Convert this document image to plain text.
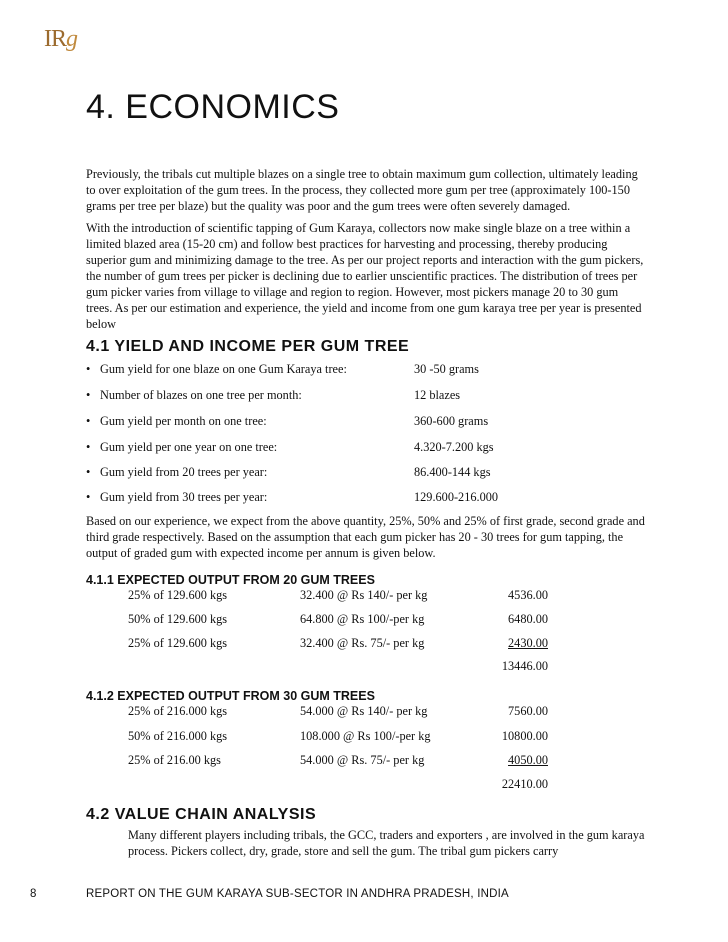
IRg
4. ECONOMICS

Previously, the tribals cut multiple blazes on a single tree to obtain maximum gum collection, ultimately leading to over exploitation of the gum trees. In the process, they collected more gum per tree (approximately 100-150 grams per tree per blaze) but the quality was poor and the gum trees were often severely damaged.

With the introduction of scientific tapping of Gum Karaya, collectors now make single blaze on a tree within a limited blazed area (15-20 cm) and follow best practices for harvesting and processing, thereby producing superior gum and minimizing damage to the tree. As per our project reports and interaction with the gum pickers, the number of gum trees per picker is declining due to earlier unscientific practices. The distribution of trees per gum picker varies from village to village and region to region. However, most pickers manage 20 to 30 gum trees. As per our estimation and experience, the yield and income from one gum karaya tree per year is presented below

4.1 YIELD AND INCOME PER GUM TREE
• Gum yield for one blaze on one Gum Karaya tree:	30 -50 grams
• Number of blazes on one tree per month:	12 blazes
• Gum yield per month on one tree:	360-600 grams
• Gum yield per one year on one tree:	4.320-7.200 kgs
• Gum yield from 20 trees per year:	86.400-144 kgs
• Gum yield from 30 trees per year:	129.600-216.000

Based on our experience, we expect from the above quantity, 25%, 50% and 25% of first grade, second grade and third grade respectively. Based on the assumption that each gum picker has 20 - 30 trees for gum tapping, the output of graded gum with expected income per annum is given below.

4.1.1 EXPECTED OUTPUT FROM 20 GUM TREES
25% of 129.600 kgs	32.400 @ Rs 140/- per kg	4536.00
50% of 129.600 kgs	64.800 @ Rs 100/-per kg	6480.00
25% of 129.600 kgs	32.400 @ Rs. 75/- per kg	2430.00
13446.00
4.1.2 EXPECTED OUTPUT FROM 30 GUM TREES
25% of 216.000 kgs	54.000 @ Rs 140/- per kg	7560.00
50% of 216.000 kgs	108.000 @ Rs 100/-per kg	10800.00
25% of 216.00 kgs	54.000 @ Rs. 75/- per kg	4050.00
22410.00
4.2 VALUE CHAIN ANALYSIS

Many different players including tribals, the GCC, traders and exporters , are involved in the gum karaya process. Pickers collect, dry, grade, store and sell the gum. The tribal gum pickers carry

8	REPORT ON THE GUM KARAYA SUB-SECTOR IN ANDHRA PRADESH, INDIA
